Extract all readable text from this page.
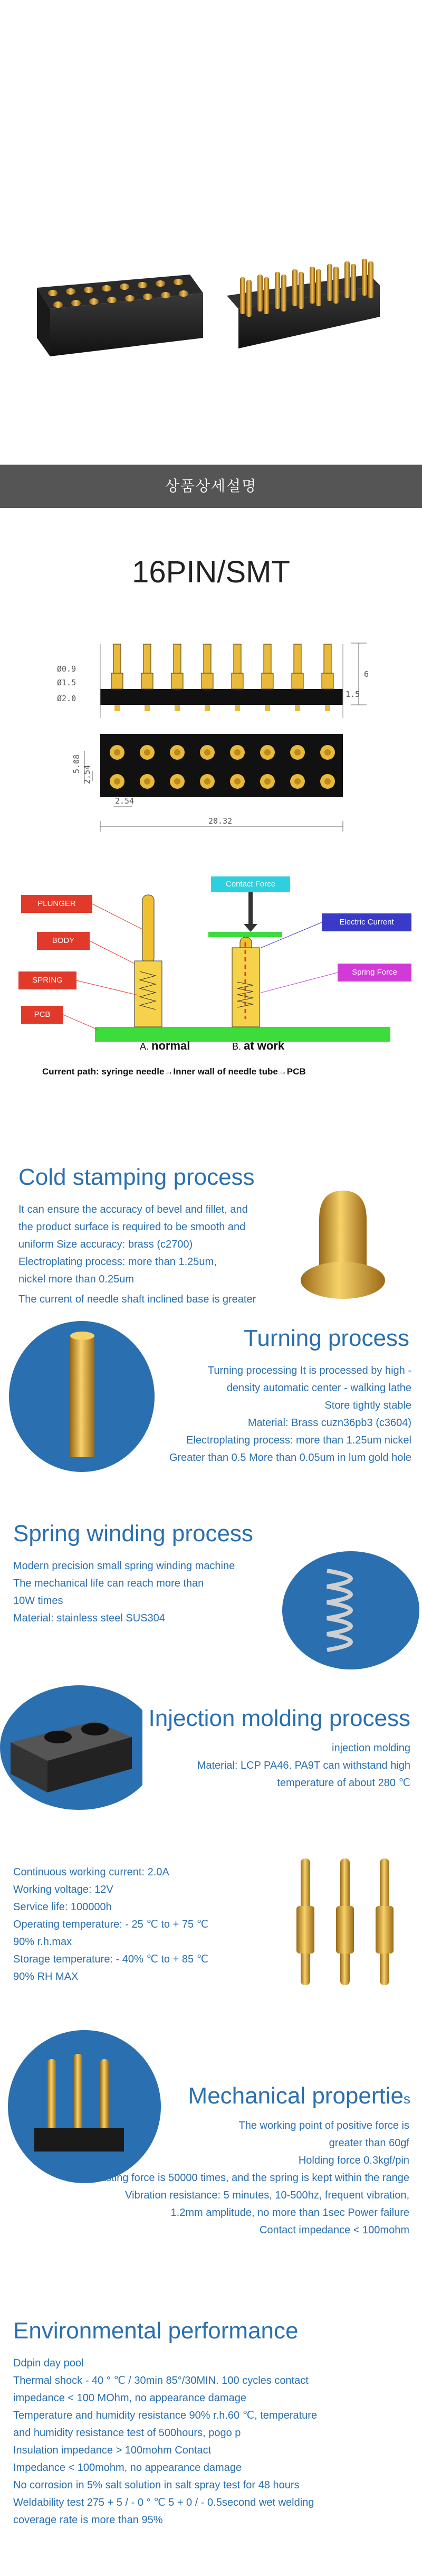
상품상세설명
16PIN/SMT
Ø0.9
Ø1.5
Ø2.0
6
1.5
5.08
2.54
2.54
20.32
PLUNGER
BODY
SPRING
PCB
Contact Force
Electric Current
Spring Force
A. normal	B. at work
Current path: syringe needle→Inner wall of needle tube→PCB
Cold stamping process
It can ensure the accuracy of bevel and fillet, and
the product surface is required to be smooth and
uniform Size accuracy: brass (c2700)
Electroplating process: more than 1.25um,
nickel more than 0.25um
The current of needle shaft inclined base is greater
Turning process
Turning processing It is processed by high -
density automatic center - walking lathe
Store tightly stable
Material: Brass cuzn36pb3 (c3604)
Electroplating process: more than 1.25um nickel
Greater than 0.5 More than 0.05um in lum gold hole
Spring winding process
Modern precision small spring winding machine
The mechanical life can reach more than
10W times
Material: stainless steel SUS304
Injection molding process
injection molding
Material: LCP PA46. PA9T can withstand high
temperature of about 280 ℃
Continuous working current: 2.0A
Working voltage: 12V
Service life: 100000h
Operating temperature: - 25 ℃ to + 75 ℃
90% r.h.max
Storage temperature: - 40% ℃ to + 85 ℃
90% RH MAX
Mechanical properties
The working point of positive force is
greater than 60gf
Holding force 0.3kgf/pin
The lasting force is 50000 times, and the spring is kept within the range
Vibration resistance: 5 minutes, 10-500hz, frequent vibration,
1.2mm amplitude, no more than 1sec Power failure
Contact impedance < 100mohm
Environmental performance
Ddpin day pool
Thermal shock - 40 ° ℃ / 30min 85°/30MIN. 100 cycles contact
impedance < 100 MOhm, no appearance damage
Temperature and humidity resistance 90% r.h.60 ℃, temperature
and humidity resistance test of 500hours, pogo p
Insulation impedance > 100mohm Contact
Impedance < 100mohm, no appearance damage
No corrosion in 5% salt solution in salt spray test for 48 hours
Weldability test 275 + 5 / - 0 ° ℃ 5 + 0 / - 0.5second wet welding
coverage rate is more than 95%
